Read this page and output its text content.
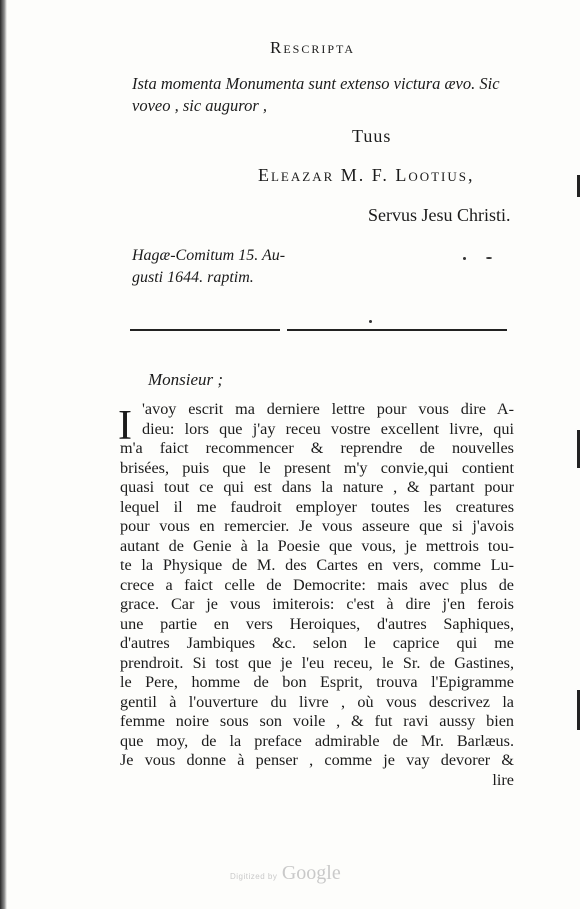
Rescripta
Ista momenta Monumenta sunt extenso victura ævo. Sic
voveo , sic auguror ,
Tuus
Eleazar M. F. Lootius,
Servus Jesu Christi.
Hagæ-Comitum 15. Au-
gusti 1644. raptim.
Monsieur ;
I 'avoy escrit ma derniere lettre pour vous dire A-
dieu: lors que j'ay receu vostre excellent livre, qui
m'a faict recommencer & reprendre de nouvelles
brisées, puis que le present m'y convie,qui contient
quasi tout ce qui est dans la nature , & partant pour
lequel il me faudroit employer toutes les creatures
pour vous en remercier. Je vous asseure que si j'avois
autant de Genie à la Poesie que vous, je mettrois tou-
te la Physique de M. des Cartes en vers, comme Lu-
crece a faict celle de Democrite: mais avec plus de
grace. Car je vous imiterois: c'est à dire j'en ferois
une partie en vers Heroiques, d'autres Saphiques,
d'autres Jambiques &c. selon le caprice qui me
prendroit. Si tost que je l'eu receu, le Sr. de Gastines,
le Pere, homme de bon Esprit, trouva l'Epigramme
gentil à l'ouverture du livre , où vous descrivez la
femme noire sous son voile , & fut ravi aussy bien
que moy, de la preface admirable de Mr. Barlæus.
Je vous donne à penser , comme je vay devorer &
lire
Digitized by Google
